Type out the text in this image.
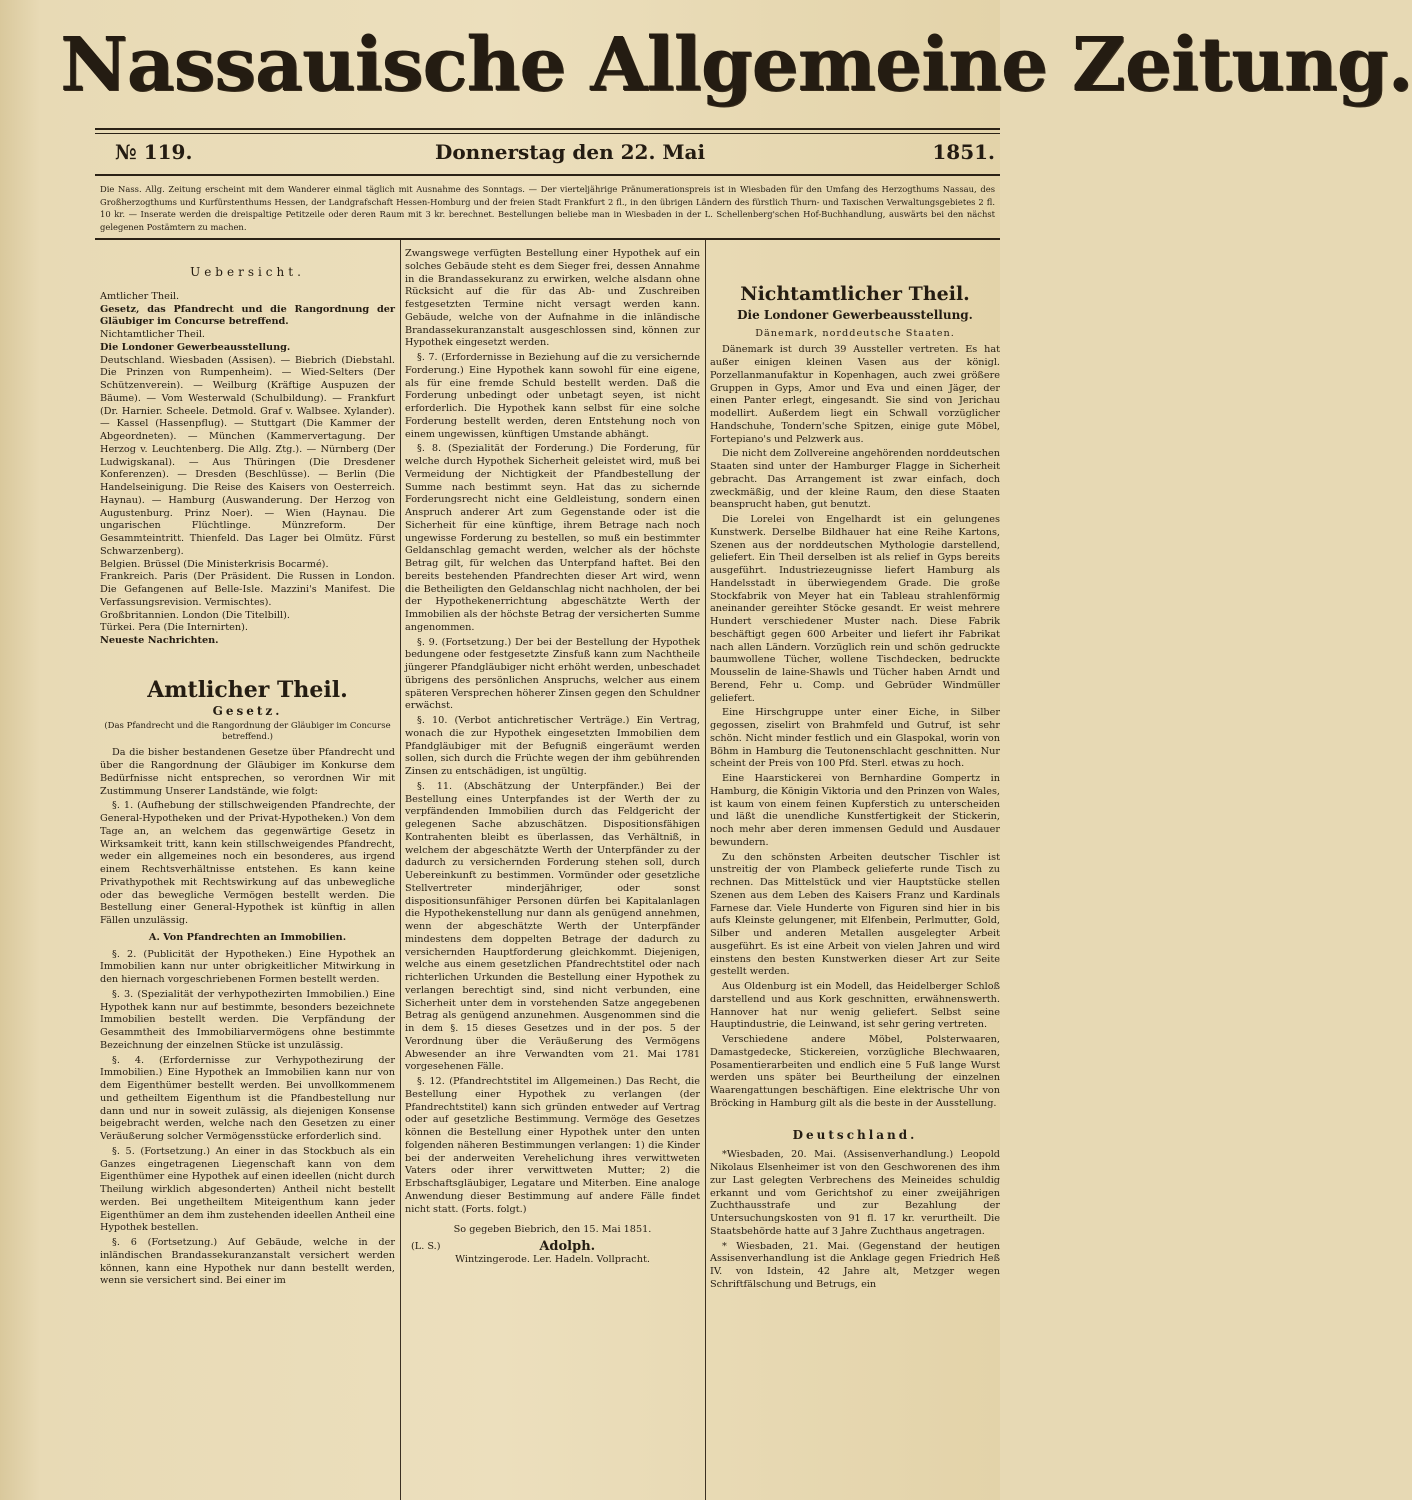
Nassauische Allgemeine Zeitung.
№ 119.	Donnerstag den 22. Mai	1851.
Die Nass. Allg. Zeitung erscheint mit dem Wanderer einmal täglich mit Ausnahme des Sonntags. — Der vierteljährige Pränumerationspreis ist in Wiesbaden für den Umfang des Herzogthums Nassau, des Großherzogthums und Kurfürstenthums Hessen, der Landgrafschaft Hessen-Homburg und der freien Stadt Frankfurt 2 fl., in den übrigen Ländern des fürstlich Thurn- und Taxischen Verwaltungsgebietes 2 fl. 10 kr. — Inserate werden die dreispaltige Petitzeile oder deren Raum mit 3 kr. berechnet. Bestellungen beliebe man in Wiesbaden in der L. Schellenberg'schen Hof-Buchhandlung, auswärts bei den nächst gelegenen Postämtern zu machen.
Uebersicht.

Amtlicher Theil.

Gesetz, das Pfandrecht und die Rangordnung der Gläubiger im Concurse betreffend.

Nichtamtlicher Theil.

Die Londoner Gewerbeausstellung.

Deutschland. Wiesbaden (Assisen). — Biebrich (Diebstahl. Die Prinzen von Rumpenheim). — Wied-Selters (Der Schützenverein). — Weilburg (Kräftige Auspuzen der Bäume). — Vom Westerwald (Schulbildung). — Frankfurt (Dr. Harnier. Scheele. Detmold. Graf v. Walbsee. Xylander). — Kassel (Hassenpflug). — Stuttgart (Die Kammer der Abgeordneten). — München (Kammervertagung. Der Herzog v. Leuchtenberg. Die Allg. Ztg.). — Nürnberg (Der Ludwigskanal). — Aus Thüringen (Die Dresdener Konferenzen). — Dresden (Beschlüsse). — Berlin (Die Handelseinigung. Die Reise des Kaisers von Oesterreich. Haynau). — Hamburg (Auswanderung. Der Herzog von Augustenburg. Prinz Noer). — Wien (Haynau. Die ungarischen Flüchtlinge. Münzreform. Der Gesammteintritt. Thienfeld. Das Lager bei Olmütz. Fürst Schwarzenberg).

Belgien. Brüssel (Die Ministerkrisis Bocarmé).

Frankreich. Paris (Der Präsident. Die Russen in London. Die Gefangenen auf Belle-Isle. Mazzini's Manifest. Die Verfassungsrevision. Vermischtes).

Großbritannien. London (Die Titelbill).

Türkei. Pera (Die Internirten).

Neueste Nachrichten.

Amtlicher Theil.
Gesetz.
(Das Pfandrecht und die Rangordnung der Gläubiger im Concurse betreffend.)

Da die bisher bestandenen Gesetze über Pfandrecht und über die Rangordnung der Gläubiger im Konkurse dem Bedürfnisse nicht entsprechen, so verordnen Wir mit Zustimmung Unserer Landstände, wie folgt:

§. 1. (Aufhebung der stillschweigenden Pfandrechte, der General-Hypotheken und der Privat-Hypotheken.) Von dem Tage an, an welchem das gegenwärtige Gesetz in Wirksamkeit tritt, kann kein stillschweigendes Pfandrecht, weder ein allgemeines noch ein besonderes, aus irgend einem Rechtsverhältnisse entstehen. Es kann keine Privathypothek mit Rechtswirkung auf das unbewegliche oder das bewegliche Vermögen bestellt werden. Die Bestellung einer General-Hypothek ist künftig in allen Fällen unzulässig.

A. Von Pfandrechten an Immobilien.

§. 2. (Publicität der Hypotheken.) Eine Hypothek an Immobilien kann nur unter obrigkeitlicher Mitwirkung in den hiernach vorgeschriebenen Formen bestellt werden.

§. 3. (Spezialität der verhypothezirten Immobilien.) Eine Hypothek kann nur auf bestimmte, besonders bezeichnete Immobilien bestellt werden. Die Verpfändung der Gesammtheit des Immobiliarvermögens ohne bestimmte Bezeichnung der einzelnen Stücke ist unzulässig.

§. 4. (Erfordernisse zur Verhypothezirung der Immobilien.) Eine Hypothek an Immobilien kann nur von dem Eigenthümer bestellt werden. Bei unvollkommenem und getheiltem Eigenthum ist die Pfandbestellung nur dann und nur in soweit zulässig, als diejenigen Konsense beigebracht werden, welche nach den Gesetzen zu einer Veräußerung solcher Vermögensstücke erforderlich sind.

§. 5. (Fortsetzung.) An einer in das Stockbuch als ein Ganzes eingetragenen Liegenschaft kann von dem Eigenthümer eine Hypothek auf einen ideellen (nicht durch Theilung wirklich abgesonderten) Antheil nicht bestellt werden. Bei ungetheiltem Miteigenthum kann jeder Eigenthümer an dem ihm zustehenden ideellen Antheil eine Hypothek bestellen.

§. 6 (Fortsetzung.) Auf Gebäude, welche in der inländischen Brandassekuranzanstalt versichert werden können, kann eine Hypothek nur dann bestellt werden, wenn sie versichert sind. Bei einer im

Zwangswege verfügten Bestellung einer Hypothek auf ein solches Gebäude steht es dem Sieger frei, dessen Annahme in die Brandassekuranz zu erwirken, welche alsdann ohne Rücksicht auf die für das Ab- und Zuschreiben festgesetzten Termine nicht versagt werden kann. Gebäude, welche von der Aufnahme in die inländische Brandassekuranzanstalt ausgeschlossen sind, können zur Hypothek eingesetzt werden.

§. 7. (Erfordernisse in Beziehung auf die zu versichernde Forderung.) Eine Hypothek kann sowohl für eine eigene, als für eine fremde Schuld bestellt werden. Daß die Forderung unbedingt oder unbetagt seyen, ist nicht erforderlich. Die Hypothek kann selbst für eine solche Forderung bestellt werden, deren Entstehung noch von einem ungewissen, künftigen Umstande abhängt.

§. 8. (Spezialität der Forderung.) Die Forderung, für welche durch Hypothek Sicherheit geleistet wird, muß bei Vermeidung der Nichtigkeit der Pfandbestellung der Summe nach bestimmt seyn. Hat das zu sichernde Forderungsrecht nicht eine Geldleistung, sondern einen Anspruch anderer Art zum Gegenstande oder ist die Sicherheit für eine künftige, ihrem Betrage nach noch ungewisse Forderung zu bestellen, so muß ein bestimmter Geldanschlag gemacht werden, welcher als der höchste Betrag gilt, für welchen das Unterpfand haftet. Bei den bereits bestehenden Pfandrechten dieser Art wird, wenn die Betheiligten den Geldanschlag nicht nachholen, der bei der Hypothekenerrichtung abgeschätzte Werth der Immobilien als der höchste Betrag der versicherten Summe angenommen.

§. 9. (Fortsetzung.) Der bei der Bestellung der Hypothek bedungene oder festgesetzte Zinsfuß kann zum Nachtheile jüngerer Pfandgläubiger nicht erhöht werden, unbeschadet übrigens des persönlichen Anspruchs, welcher aus einem späteren Versprechen höherer Zinsen gegen den Schuldner erwächst.

§. 10. (Verbot antichretischer Verträge.) Ein Vertrag, wonach die zur Hypothek eingesetzten Immobilien dem Pfandgläubiger mit der Befugniß eingeräumt werden sollen, sich durch die Früchte wegen der ihm gebührenden Zinsen zu entschädigen, ist ungültig.

§. 11. (Abschätzung der Unterpfänder.) Bei der Bestellung eines Unterpfandes ist der Werth der zu verpfändenden Immobilien durch das Feldgericht der gelegenen Sache abzuschätzen. Dispositionsfähigen Kontrahenten bleibt es überlassen, das Verhältniß, in welchem der abgeschätzte Werth der Unterpfänder zu der dadurch zu versichernden Forderung stehen soll, durch Uebereinkunft zu bestimmen. Vormünder oder gesetzliche Stellvertreter minderjähriger, oder sonst dispositionsunfähiger Personen dürfen bei Kapitalanlagen die Hypothekenstellung nur dann als genügend annehmen, wenn der abgeschätzte Werth der Unterpfänder mindestens dem doppelten Betrage der dadurch zu versichernden Hauptforderung gleichkommt. Diejenigen, welche aus einem gesetzlichen Pfandrechtstitel oder nach richterlichen Urkunden die Bestellung einer Hypothek zu verlangen berechtigt sind, sind nicht verbunden, eine Sicherheit unter dem in vorstehenden Satze angegebenen Betrag als genügend anzunehmen. Ausgenommen sind die in dem §. 15 dieses Gesetzes und in der pos. 5 der Verordnung über die Veräußerung des Vermögens Abwesender an ihre Verwandten vom 21. Mai 1781 vorgesehenen Fälle.

§. 12. (Pfandrechtstitel im Allgemeinen.) Das Recht, die Bestellung einer Hypothek zu verlangen (der Pfandrechtstitel) kann sich gründen entweder auf Vertrag oder auf gesetzliche Bestimmung. Vermöge des Gesetzes können die Bestellung einer Hypothek unter den unten folgenden näheren Bestimmungen verlangen: 1) die Kinder bei der anderweiten Verehelichung ihres verwittweten Vaters oder ihrer verwittweten Mutter; 2) die Erbschaftsgläubiger, Legatare und Miterben. Eine analoge Anwendung dieser Bestimmung auf andere Fälle findet nicht statt. (Forts. folgt.)

So gegeben Biebrich, den 15. Mai 1851.

(L. S.)	Adolph.

Wintzingerode. Ler. Hadeln. Vollpracht.

Nichtamtlicher Theil.
Die Londoner Gewerbeausstellung.
Dänemark, norddeutsche Staaten.

Dänemark ist durch 39 Aussteller vertreten. Es hat außer einigen kleinen Vasen aus der königl. Porzellanmanufaktur in Kopenhagen, auch zwei größere Gruppen in Gyps, Amor und Eva und einen Jäger, der einen Panter erlegt, eingesandt. Sie sind von Jerichau modellirt. Außerdem liegt ein Schwall vorzüglicher Handschuhe, Tondern'sche Spitzen, einige gute Möbel, Fortepiano's und Pelzwerk aus.

Die nicht dem Zollvereine angehörenden norddeutschen Staaten sind unter der Hamburger Flagge in Sicherheit gebracht. Das Arrangement ist zwar einfach, doch zweckmäßig, und der kleine Raum, den diese Staaten beansprucht haben, gut benutzt.

Die Lorelei von Engelhardt ist ein gelungenes Kunstwerk. Derselbe Bildhauer hat eine Reihe Kartons, Szenen aus der norddeutschen Mythologie darstellend, geliefert. Ein Theil derselben ist als relief in Gyps bereits ausgeführt. Industriezeugnisse liefert Hamburg als Handelsstadt in überwiegendem Grade. Die große Stockfabrik von Meyer hat ein Tableau strahlenförmig aneinander gereihter Stöcke gesandt. Er weist mehrere Hundert verschiedener Muster nach. Diese Fabrik beschäftigt gegen 600 Arbeiter und liefert ihr Fabrikat nach allen Ländern. Vorzüglich rein und schön gedruckte baumwollene Tücher, wollene Tischdecken, bedruckte Mousselin de laine-Shawls und Tücher haben Arndt und Berend, Fehr u. Comp. und Gebrüder Windmüller geliefert.

Eine Hirschgruppe unter einer Eiche, in Silber gegossen, ziselirt von Brahmfeld und Gutruf, ist sehr schön. Nicht minder festlich und ein Glaspokal, worin von Böhm in Hamburg die Teutonenschlacht geschnitten. Nur scheint der Preis von 100 Pfd. Sterl. etwas zu hoch.

Eine Haarstickerei von Bernhardine Gompertz in Hamburg, die Königin Viktoria und den Prinzen von Wales, ist kaum von einem feinen Kupferstich zu unterscheiden und läßt die unendliche Kunstfertigkeit der Stickerin, noch mehr aber deren immensen Geduld und Ausdauer bewundern.

Zu den schönsten Arbeiten deutscher Tischler ist unstreitig der von Plambeck gelieferte runde Tisch zu rechnen. Das Mittelstück und vier Hauptstücke stellen Szenen aus dem Leben des Kaisers Franz und Kardinals Farnese dar. Viele Hunderte von Figuren sind hier in bis aufs Kleinste gelungener, mit Elfenbein, Perlmutter, Gold, Silber und anderen Metallen ausgelegter Arbeit ausgeführt. Es ist eine Arbeit von vielen Jahren und wird einstens den besten Kunstwerken dieser Art zur Seite gestellt werden.

Aus Oldenburg ist ein Modell, das Heidelberger Schloß darstellend und aus Kork geschnitten, erwähnenswerth. Hannover hat nur wenig geliefert. Selbst seine Hauptindustrie, die Leinwand, ist sehr gering vertreten.

Verschiedene andere Möbel, Polsterwaaren, Damastgedecke, Stickereien, vorzügliche Blechwaaren, Posamentierarbeiten und endlich eine 5 Fuß lange Wurst werden uns später bei Beurtheilung der einzelnen Waarengattungen beschäftigen. Eine elektrische Uhr von Bröcking in Hamburg gilt als die beste in der Ausstellung.

Deutschland.

*Wiesbaden, 20. Mai. (Assisenverhandlung.) Leopold Nikolaus Elsenheimer ist von den Geschworenen des ihm zur Last gelegten Verbrechens des Meineides schuldig erkannt und vom Gerichtshof zu einer zweijährigen Zuchthausstrafe und zur Bezahlung der Untersuchungskosten von 91 fl. 17 kr. verurtheilt. Die Staatsbehörde hatte auf 3 Jahre Zuchthaus angetragen.

* Wiesbaden, 21. Mai. (Gegenstand der heutigen Assisenverhandlung ist die Anklage gegen Friedrich Heß IV. von Idstein, 42 Jahre alt, Metzger wegen Schriftfälschung und Betrugs, ein
